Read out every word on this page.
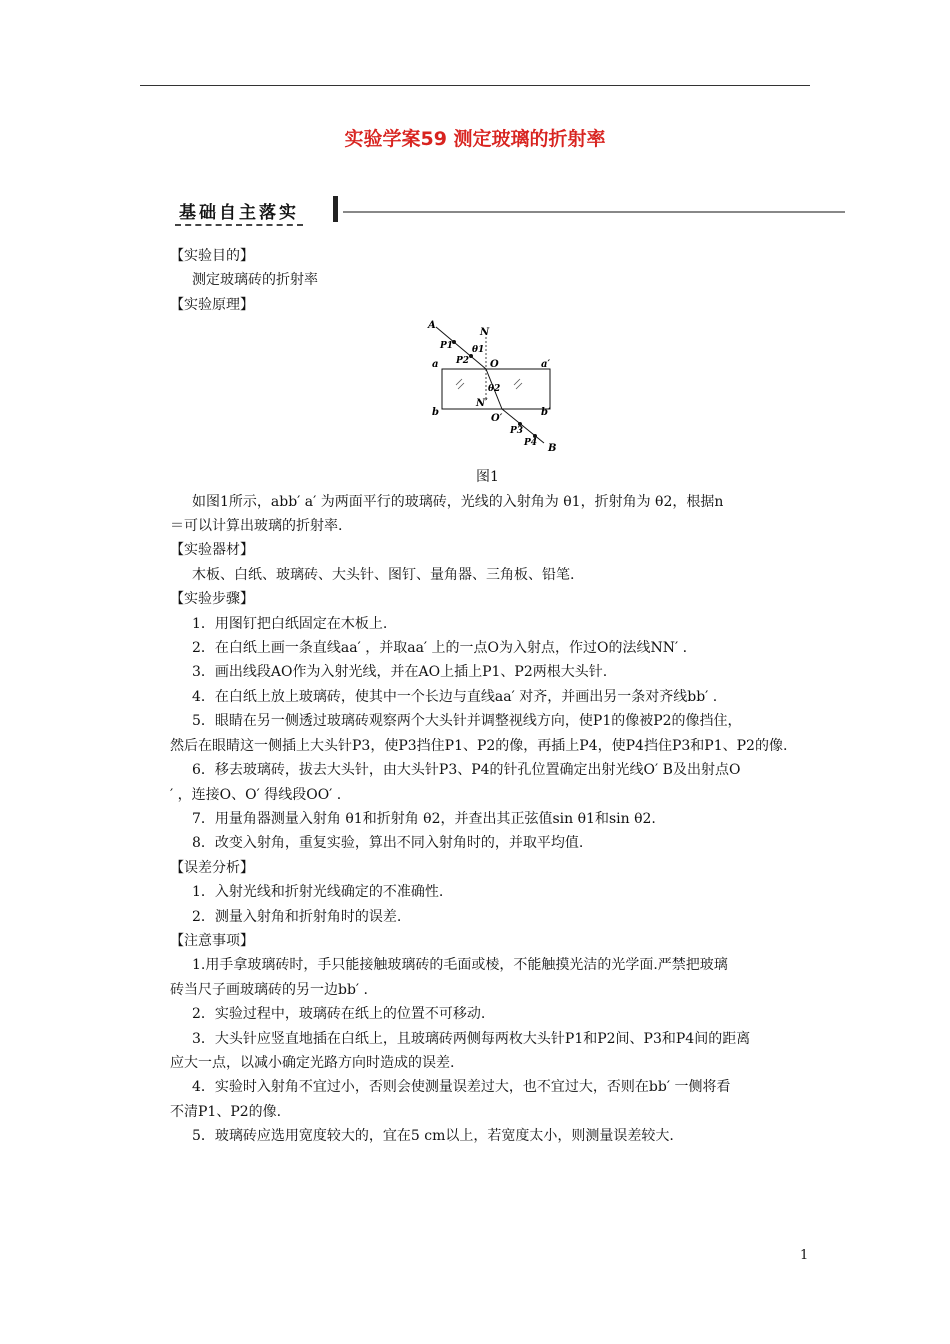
实验学案59 测定玻璃的折射率
基础自主落实
【实验目的】
测定玻璃砖的折射率
【实验原理】
A
B
N
N′
O
O′
a	a′
b	b′
P1
P2
P3
P4
θ1
θ2
图1
如图1所示，abb′ a′ 为两面平行的玻璃砖，光线的入射角为 θ1，折射角为 θ2，根据n
＝可以计算出玻璃的折射率.
【实验器材】
木板、白纸、玻璃砖、大头针、图钉、量角器、三角板、铅笔.
【实验步骤】
1．用图钉把白纸固定在木板上.
2．在白纸上画一条直线aa′ ，并取aa′ 上的一点O为入射点，作过O的法线NN′ .
3．画出线段AO作为入射光线，并在AO上插上P1、P2两根大头针.
4．在白纸上放上玻璃砖，使其中一个长边与直线aa′ 对齐，并画出另一条对齐线bb′ .
5．眼睛在另一侧透过玻璃砖观察两个大头针并调整视线方向，使P1的像被P2的像挡住，
然后在眼睛这一侧插上大头针P3，使P3挡住P1、P2的像，再插上P4，使P4挡住P3和P1、P2的像.
6．移去玻璃砖，拔去大头针，由大头针P3、P4的针孔位置确定出射光线O′ B及出射点O
′ ，连接O、O′ 得线段OO′ .
7．用量角器测量入射角 θ1和折射角 θ2，并查出其正弦值sin θ1和sin θ2.
8．改变入射角，重复实验，算出不同入射角时的，并取平均值.
【误差分析】
1．入射光线和折射光线确定的不准确性.
2．测量入射角和折射角时的误差.
【注意事项】
1.用手拿玻璃砖时，手只能接触玻璃砖的毛面或棱，不能触摸光洁的光学面.严禁把玻璃
砖当尺子画玻璃砖的另一边bb′ .
2．实验过程中，玻璃砖在纸上的位置不可移动.
3．大头针应竖直地插在白纸上，且玻璃砖两侧每两枚大头针P1和P2间、P3和P4间的距离
应大一点，以减小确定光路方向时造成的误差.
4．实验时入射角不宜过小，否则会使测量误差过大，也不宜过大，否则在bb′ 一侧将看
不清P1、P2的像.
5．玻璃砖应选用宽度较大的，宜在5 cm以上，若宽度太小，则测量误差较大.
1
